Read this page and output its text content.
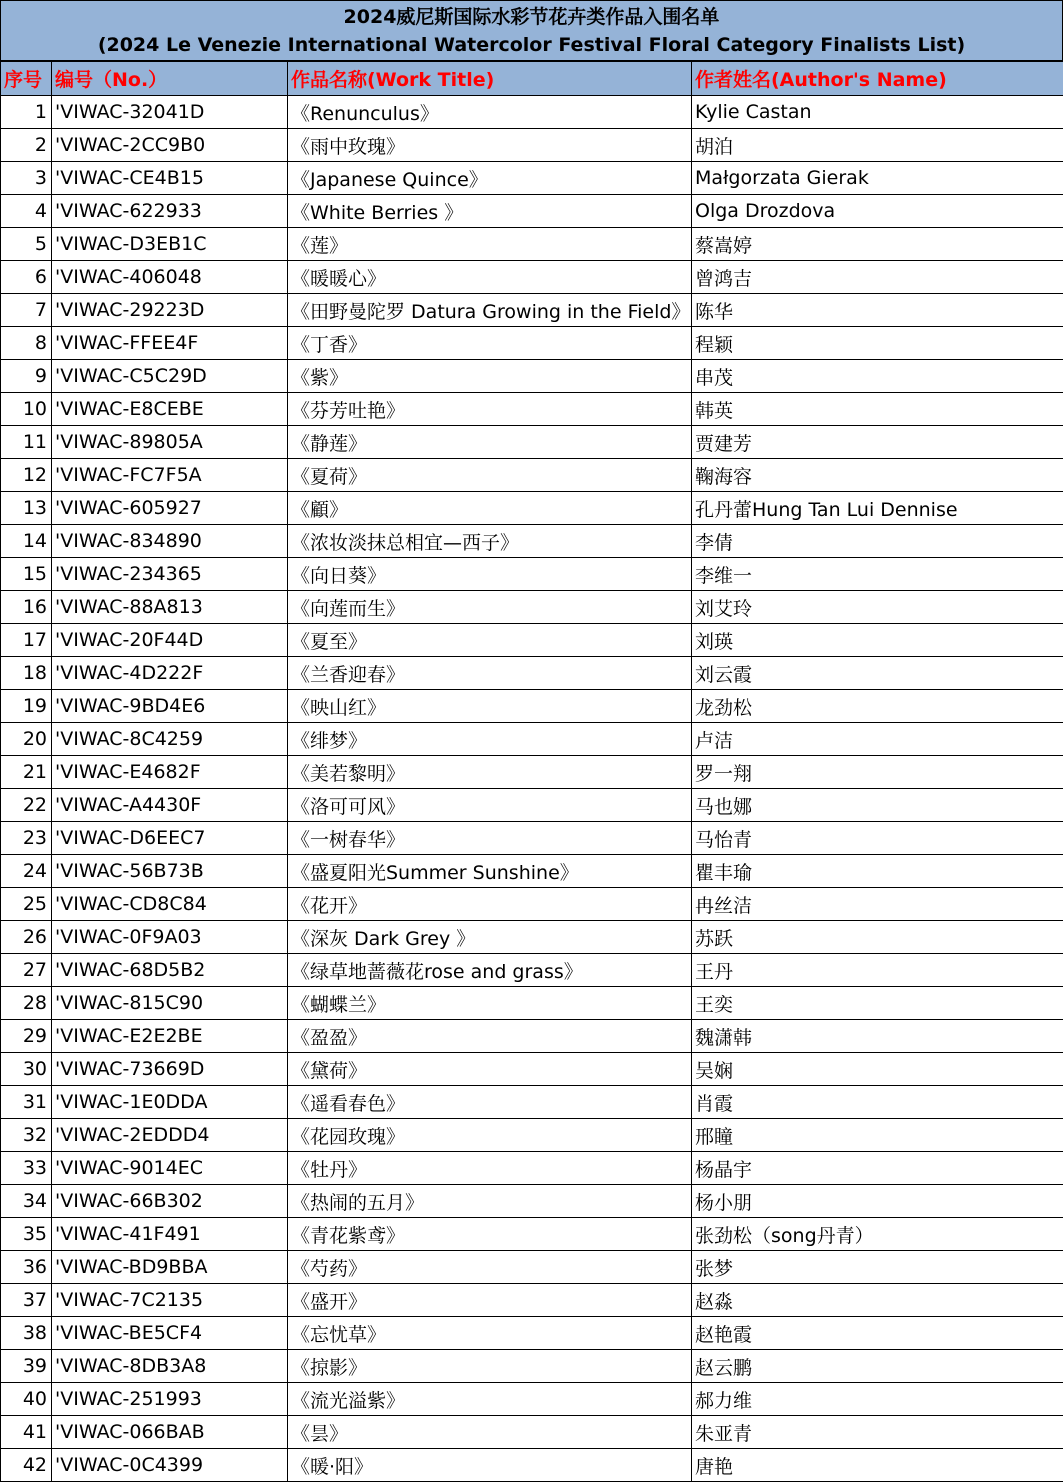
2024威尼斯国际水彩节花卉类作品入围名单
(2024 Le Venezie International Watercolor Festival Floral Category Finalists List)
序号	编号（No.）	作品名称(Work Title)	作者姓名(Author's Name)
1	'VIWAC-32041D	《Renunculus》	Kylie Castan
2	'VIWAC-2CC9B0	《雨中玫瑰》	胡泊
3	'VIWAC-CE4B15	《Japanese Quince》	Małgorzata Gierak
4	'VIWAC-622933	《White Berries 》	Olga Drozdova
5	'VIWAC-D3EB1C	《莲》	蔡嵩婷
6	'VIWAC-406048	《暖暖心》	曾鸿吉
7	'VIWAC-29223D	《田野曼陀罗 Datura Growing in the Field》	陈华
8	'VIWAC-FFEE4F	《丁香》	程颖
9	'VIWAC-C5C29D	《紫》	串茂
10	'VIWAC-E8CEBE	《芬芳吐艳》	韩英
11	'VIWAC-89805A	《静莲》	贾建芳
12	'VIWAC-FC7F5A	《夏荷》	鞠海容
13	'VIWAC-605927	《顧》	孔丹蕾Hung Tan Lui Dennise
14	'VIWAC-834890	《浓妆淡抹总相宜—西子》	李倩
15	'VIWAC-234365	《向日葵》	李维一
16	'VIWAC-88A813	《向莲而生》	刘艾玲
17	'VIWAC-20F44D	《夏至》	刘瑛
18	'VIWAC-4D222F	《兰香迎春》	刘云霞
19	'VIWAC-9BD4E6	《映山红》	龙劲松
20	'VIWAC-8C4259	《绯梦》	卢洁
21	'VIWAC-E4682F	《美若黎明》	罗一翔
22	'VIWAC-A4430F	《洛可可风》	马也娜
23	'VIWAC-D6EEC7	《一树春华》	马怡青
24	'VIWAC-56B73B	《盛夏阳光Summer Sunshine》	瞿丰瑜
25	'VIWAC-CD8C84	《花开》	冉丝洁
26	'VIWAC-0F9A03	《深灰 Dark Grey 》	苏跃
27	'VIWAC-68D5B2	《绿草地蔷薇花rose and grass》	王丹
28	'VIWAC-815C90	《蝴蝶兰》	王奕
29	'VIWAC-E2E2BE	《盈盈》	魏潇韩
30	'VIWAC-73669D	《黛荷》	吴娴
31	'VIWAC-1E0DDA	《遥看春色》	肖霞
32	'VIWAC-2EDDD4	《花园玫瑰》	邢瞳
33	'VIWAC-9014EC	《牡丹》	杨晶宇
34	'VIWAC-66B302	《热闹的五月》	杨小朋
35	'VIWAC-41F491	《青花紫鸢》	张劲松（song丹青）
36	'VIWAC-BD9BBA	《芍药》	张梦
37	'VIWAC-7C2135	《盛开》	赵淼
38	'VIWAC-BE5CF4	《忘忧草》	赵艳霞
39	'VIWAC-8DB3A8	《掠影》	赵云鹏
40	'VIWAC-251993	《流光溢紫》	郝力维
41	'VIWAC-066BAB	《昙》	朱亚青
42	'VIWAC-0C4399	《暖·阳》	唐艳
